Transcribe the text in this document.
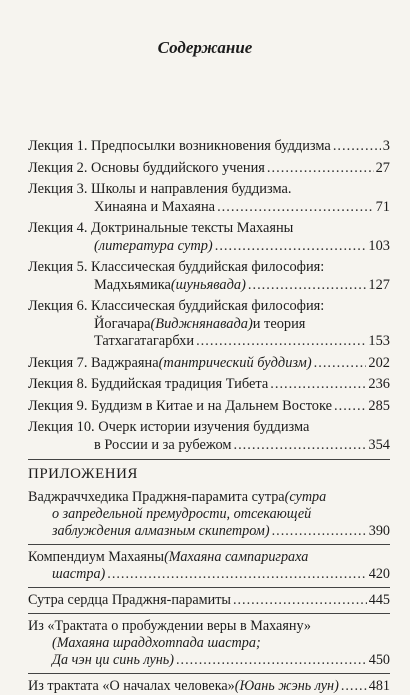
Содержание
Лекция 1. Предпосылки возникновения буддизма .....	3
Лекция 2. Основы буддийского учения .....	27
Лекция 3. Школы и направления буддизма.
Хинаяна и Махаяна .....	71
Лекция 4. Доктринальные тексты Махаяны
(литература сутр) .....	103
Лекция 5. Классическая буддийская философия:
Мадхьямика (шуньявада) .....	127
Лекция 6. Классическая буддийская философия:
Йогачара (Виджнянавада) и теория
Татхагатагарбхи .....	153
Лекция 7. Ваджраяна (тантрический буддизм) .....	202
Лекция 8. Буддийская традиция Тибета .....	236
Лекция 9. Буддизм в Китае и на Дальнем Востоке .....	285
Лекция 10. Очерк истории изучения буддизма
в России и за рубежом .....	354
ПРИЛОЖЕНИЯ
Ваджраччхедика Праджня-парамита сутра (сутра
о запредельной премудрости, отсекающей
заблуждения алмазным скипетром) .....	390
Компендиум Махаяны (Махаяна сампариграха
шастра) .....	420
Сутра сердца Праджня-парамиты .....	445
Из «Трактата о пробуждении веры в Махаяну»
(Махаяна шраддхотпада шастра;
Да чэн ци синь лунь) .....	450
Из трактата «О началах человека» (Юань жэнь лун) ..... 481
